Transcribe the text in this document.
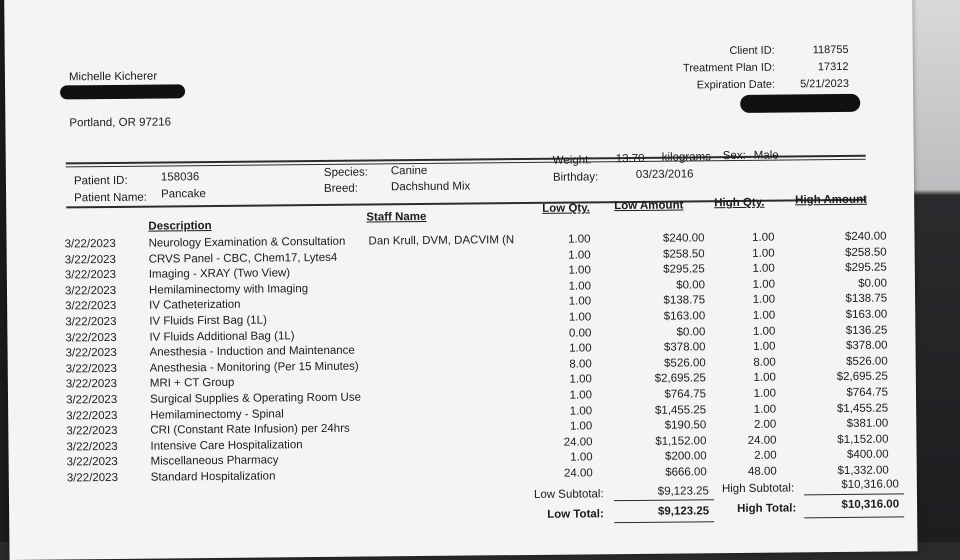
Michelle Kicherer
Portland, OR 97216
Client ID:	118755
Treatment Plan ID:	17312
Expiration Date: 5/21/2023
Patient ID:	158036
Patient Name: Pancake
Species: Canine
Breed:	Dachshund Mix
Weight: 13.70 kilograms Sex: Male
Birthday:	03/23/2016
Description
Staff Name
Low Qty. Low Amount	High Qty.	High Amount
3/22/2023	Neurology Examination & Consultation Dan Krull, DVM, DACVIM (N	1.00	$240.00	1.00	$240.00
3/22/2023	CRVS Panel - CBC, Chem17, Lytes4	1.00	$258.50	1.00	$258.50
3/22/2023	Imaging - XRAY (Two View)	1.00	$295.25	1.00	$295.25
3/22/2023	Hemilaminectomy with Imaging	1.00	$0.00	1.00	$0.00
3/22/2023	IV Catheterization	1.00	$138.75	1.00	$138.75
3/22/2023	IV Fluids First Bag (1L)	1.00	$163.00	1.00	$163.00
3/22/2023	IV Fluids Additional Bag (1L)	0.00	$0.00	1.00	$136.25
3/22/2023	Anesthesia - Induction and Maintenance	1.00	$378.00	1.00	$378.00
3/22/2023	Anesthesia - Monitoring (Per 15 Minutes)	8.00	$526.00	8.00	$526.00
3/22/2023	MRI + CT Group	1.00	$2,695.25	1.00	$2,695.25
3/22/2023	Surgical Supplies & Operating Room Use	1.00	$764.75	1.00	$764.75
3/22/2023	Hemilaminectomy - Spinal	1.00	$1,455.25	1.00	$1,455.25
3/22/2023	CRI (Constant Rate Infusion) per 24hrs	1.00	$190.50	2.00	$381.00
3/22/2023	Intensive Care Hospitalization	24.00	$1,152.00	24.00	$1,152.00
3/22/2023	Miscellaneous Pharmacy	1.00	$200.00	2.00	$400.00
3/22/2023	Standard Hospitalization	24.00	$666.00	48.00	$1,332.00
Low Subtotal:	$9,123.25 High Subtotal:	$10,316.00
Low Total:	$9,123.25 High Total:	$10,316.00
